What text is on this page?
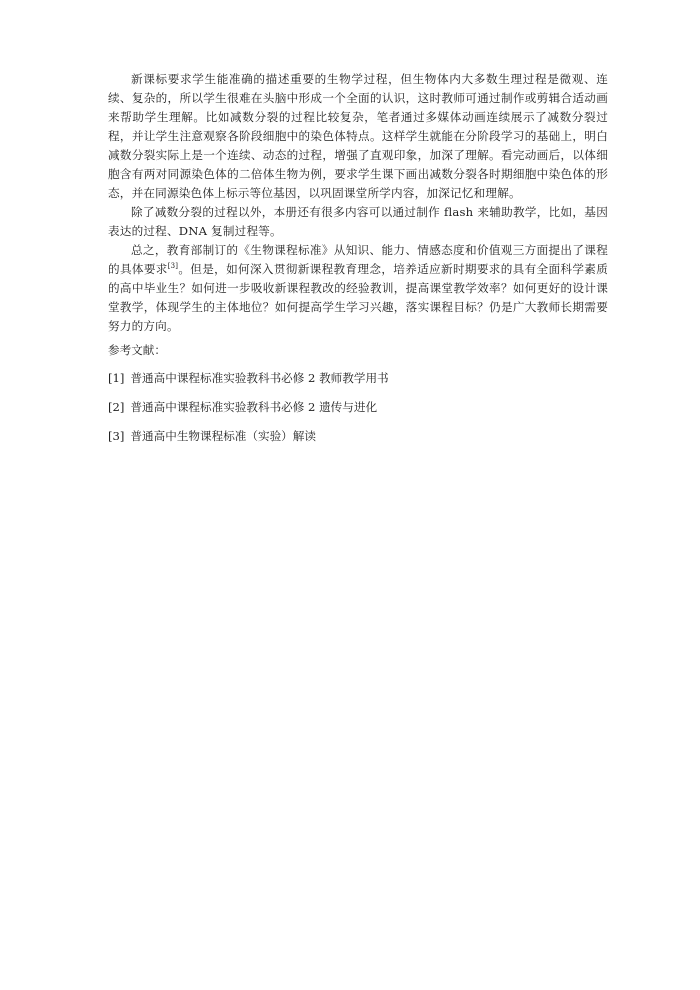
新课标要求学生能准确的描述重要的生物学过程，但生物体内大多数生理过程是微观、连续、复杂的，所以学生很难在头脑中形成一个全面的认识，这时教师可通过制作或剪辑合适动画来帮助学生理解。比如减数分裂的过程比较复杂，笔者通过多媒体动画连续展示了减数分裂过程，并让学生注意观察各阶段细胞中的染色体特点。这样学生就能在分阶段学习的基础上，明白减数分裂实际上是一个连续、动态的过程，增强了直观印象，加深了理解。看完动画后，以体细胞含有两对同源染色体的二倍体生物为例，要求学生课下画出减数分裂各时期细胞中染色体的形态，并在同源染色体上标示等位基因，以巩固课堂所学内容，加深记忆和理解。

除了减数分裂的过程以外，本册还有很多内容可以通过制作 flash 来辅助教学，比如，基因表达的过程、DNA 复制过程等。

总之，教育部制订的《生物课程标准》从知识、能力、情感态度和价值观三方面提出了课程的具体要求[3]。但是，如何深入贯彻新课程教育理念，培养适应新时期要求的具有全面科学素质的高中毕业生？如何进一步吸收新课程教改的经验教训，提高课堂教学效率？如何更好的设计课堂教学，体现学生的主体地位？如何提高学生学习兴趣，落实课程目标？仍是广大教师长期需要努力的方向。

参考文献：
[1] 普通高中课程标准实验教科书必修 2 教师教学用书
[2] 普通高中课程标准实验教科书必修 2 遗传与进化
[3] 普通高中生物课程标准（实验）解读
